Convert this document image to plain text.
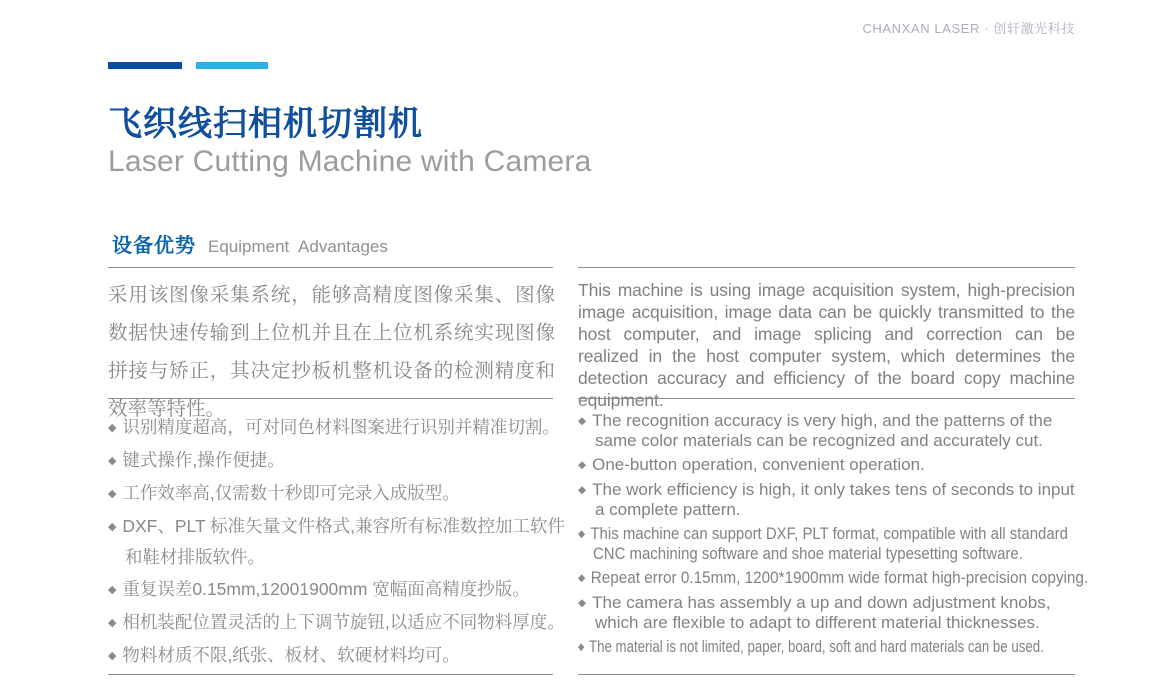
CHANXAN LASER · 创轩激光科技
飞织线扫相机切割机
Laser Cutting Machine with Camera
设备优势 Equipment Advantages

采用该图像采集系统，能够高精度图像采集、图像数据快速传输到上位机并且在上位机系统实现图像拼接与矫正，其决定抄板机整机设备的检测精度和效率等特性。

This machine is using image acquisition system, high-precision image acquisition, image data can be quickly transmitted to the host computer, and image splicing and correction can be realized in the host computer system, which determines the detection accuracy and efficiency of the board copy machine equipment.

◆ 识别精度超高，可对同色材料图案进行识别并精准切割。
◆ 键式操作,操作便捷。
◆ 工作效率高,仅需数十秒即可完录入成版型。
◆ DXF、PLT 标准矢量文件格式,兼容所有标准数控加工软件和鞋材排版软件。
◆ 重复误差0.15mm,12001900mm 宽幅面高精度抄版。
◆ 相机装配位置灵活的上下调节旋钮,以适应不同物料厚度。
◆ 物料材质不限,纸张、板材、软硬材料均可。
◆ The recognition accuracy is very high, and the patterns of the same color materials can be recognized and accurately cut.
◆ One-button operation, convenient operation.
◆ The work efficiency is high, it only takes tens of seconds to input a complete pattern.
◆ This machine can support DXF, PLT format, compatible with all standard CNC machining software and shoe material typesetting software.
◆ Repeat error 0.15mm, 1200*1900mm wide format high-precision copying.
◆ The camera has assembly a up and down adjustment knobs, which are flexible to adapt to different material thicknesses.
◆ The material is not limited, paper, board, soft and hard materials can be used.
